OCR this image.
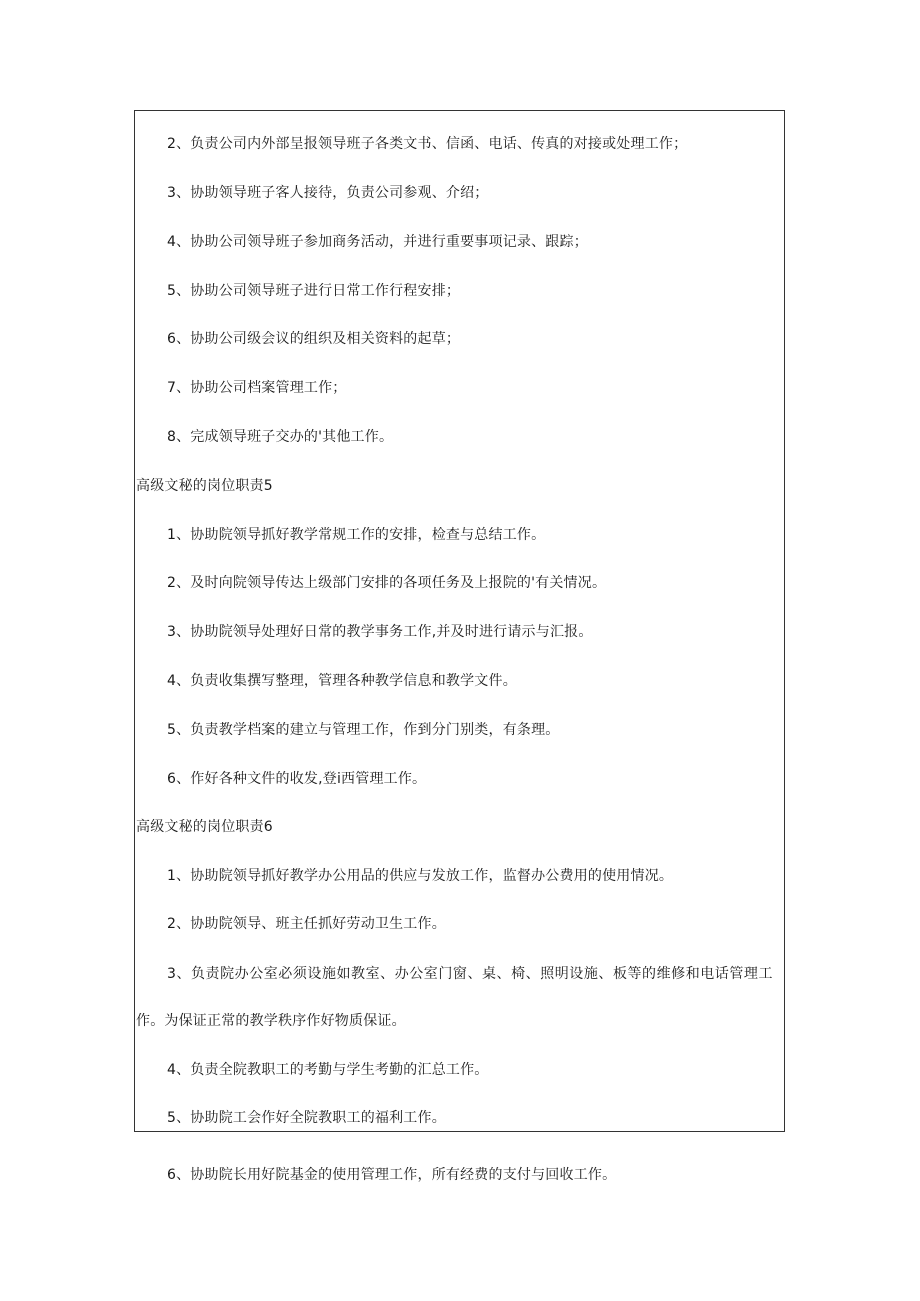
2、负责公司内外部呈报领导班子各类文书、信函、电话、传真的对接或处理工作；
3、协助领导班子客人接待，负责公司参观、介绍；
4、协助公司领导班子参加商务活动，并进行重要事项记录、跟踪；
5、协助公司领导班子进行日常工作行程安排；
6、协助公司级会议的组织及相关资料的起草；
7、协助公司档案管理工作；
8、完成领导班子交办的'其他工作。
高级文秘的岗位职责5
1、协助院领导抓好教学常规工作的安排，检查与总结工作。
2、及时向院领导传达上级部门安排的各项任务及上报院的'有关情况。
3、协助院领导处理好日常的教学事务工作,并及时进行请示与汇报。
4、负责收集撰写整理，管理各种教学信息和教学文件。
5、负责教学档案的建立与管理工作，作到分门别类，有条理。
6、作好各种文件的收发,登i西管理工作。
高级文秘的岗位职责6
1、协助院领导抓好教学办公用品的供应与发放工作，监督办公费用的使用情况。
2、协助院领导、班主任抓好劳动卫生工作。
3、负责院办公室必须设施如教室、办公室门窗、桌、椅、照明设施、板等的维修和电话管理工
作。为保证正常的教学秩序作好物质保证。
4、负责全院教职工的考勤与学生考勤的汇总工作。
5、协助院工会作好全院教职工的福利工作。
6、协助院长用好院基金的使用管理工作，所有经费的支付与回收工作。
